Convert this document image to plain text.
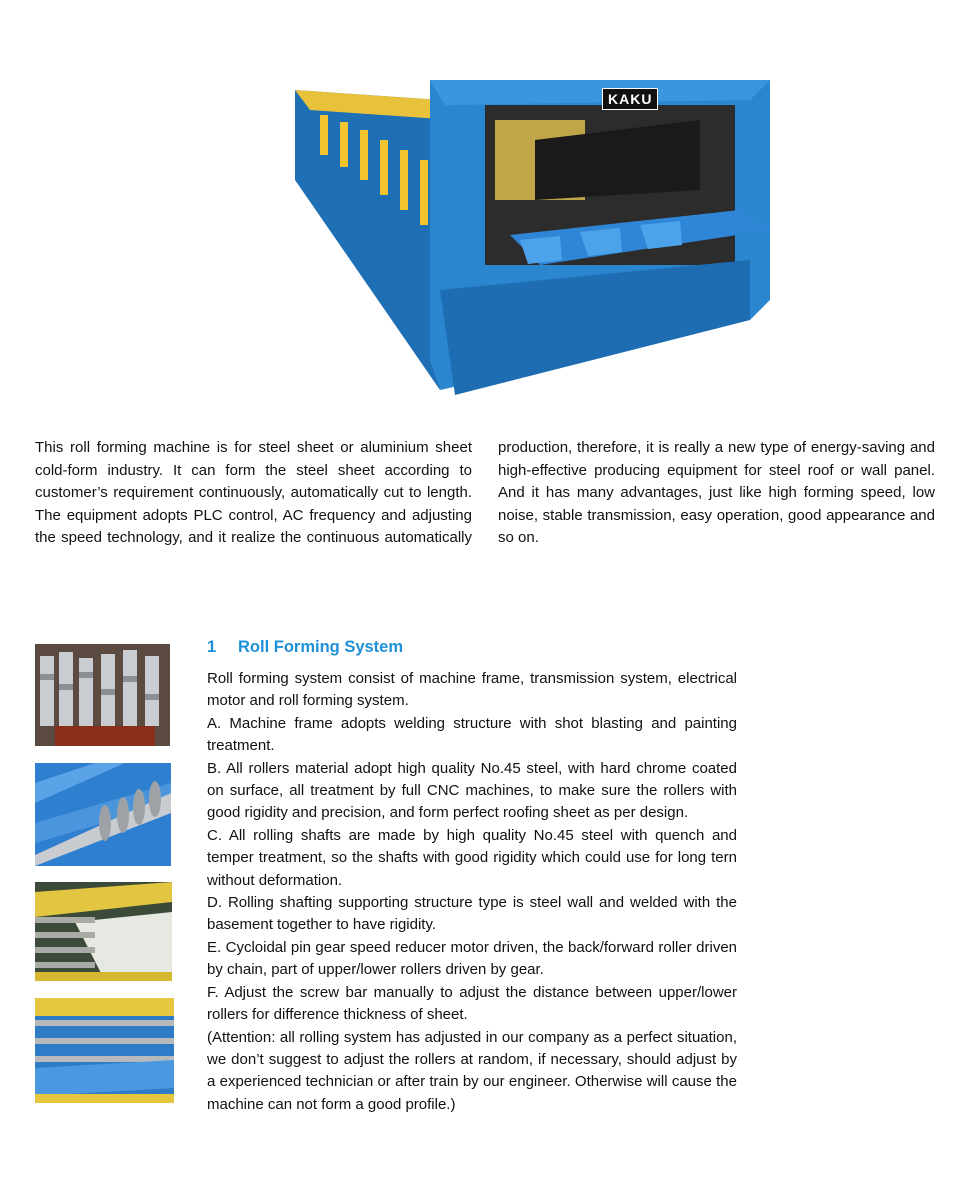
KAKU

This roll forming machine is for steel sheet or aluminium sheet cold-form industry. It can form the steel sheet according to customer’s requirement continuously, automatically cut to length. The equipment adopts PLC control, AC frequency and adjusting the speed technology, and it realize the continuous automatically

production, therefore, it is really a new type of energy-saving and high-effective producing equipment for steel roof or wall panel. And it has many advantages, just like high forming speed, low noise, stable transmission, easy operation, good appearance and so on.

1 Roll Forming System

Roll forming system consist of machine frame, transmission system, electrical motor and roll forming system.

A. Machine frame adopts welding structure with shot blasting and painting treatment.

B. All rollers material adopt high quality No.45 steel, with hard chrome coated on surface, all treatment by full CNC machines, to make sure the rollers with good rigidity and precision, and form perfect roofing sheet as per design.

C. All rolling shafts are made by high quality No.45 steel with quench and temper treatment, so the shafts with good rigidity which could use for long tern without deformation.

D. Rolling shafting supporting structure type is steel wall and welded with the basement together to have rigidity.

E. Cycloidal pin gear speed reducer motor driven, the back/forward roller driven by chain, part of upper/lower rollers driven by gear.

F. Adjust the screw bar manually to adjust the distance between upper/lower rollers for difference thickness of sheet.

(Attention: all rolling system has adjusted in our company as a perfect situation, we don’t suggest to adjust the rollers at random, if necessary, should adjust by a experienced technician or after train by our engineer. Otherwise will cause the machine can not form a good profile.)
